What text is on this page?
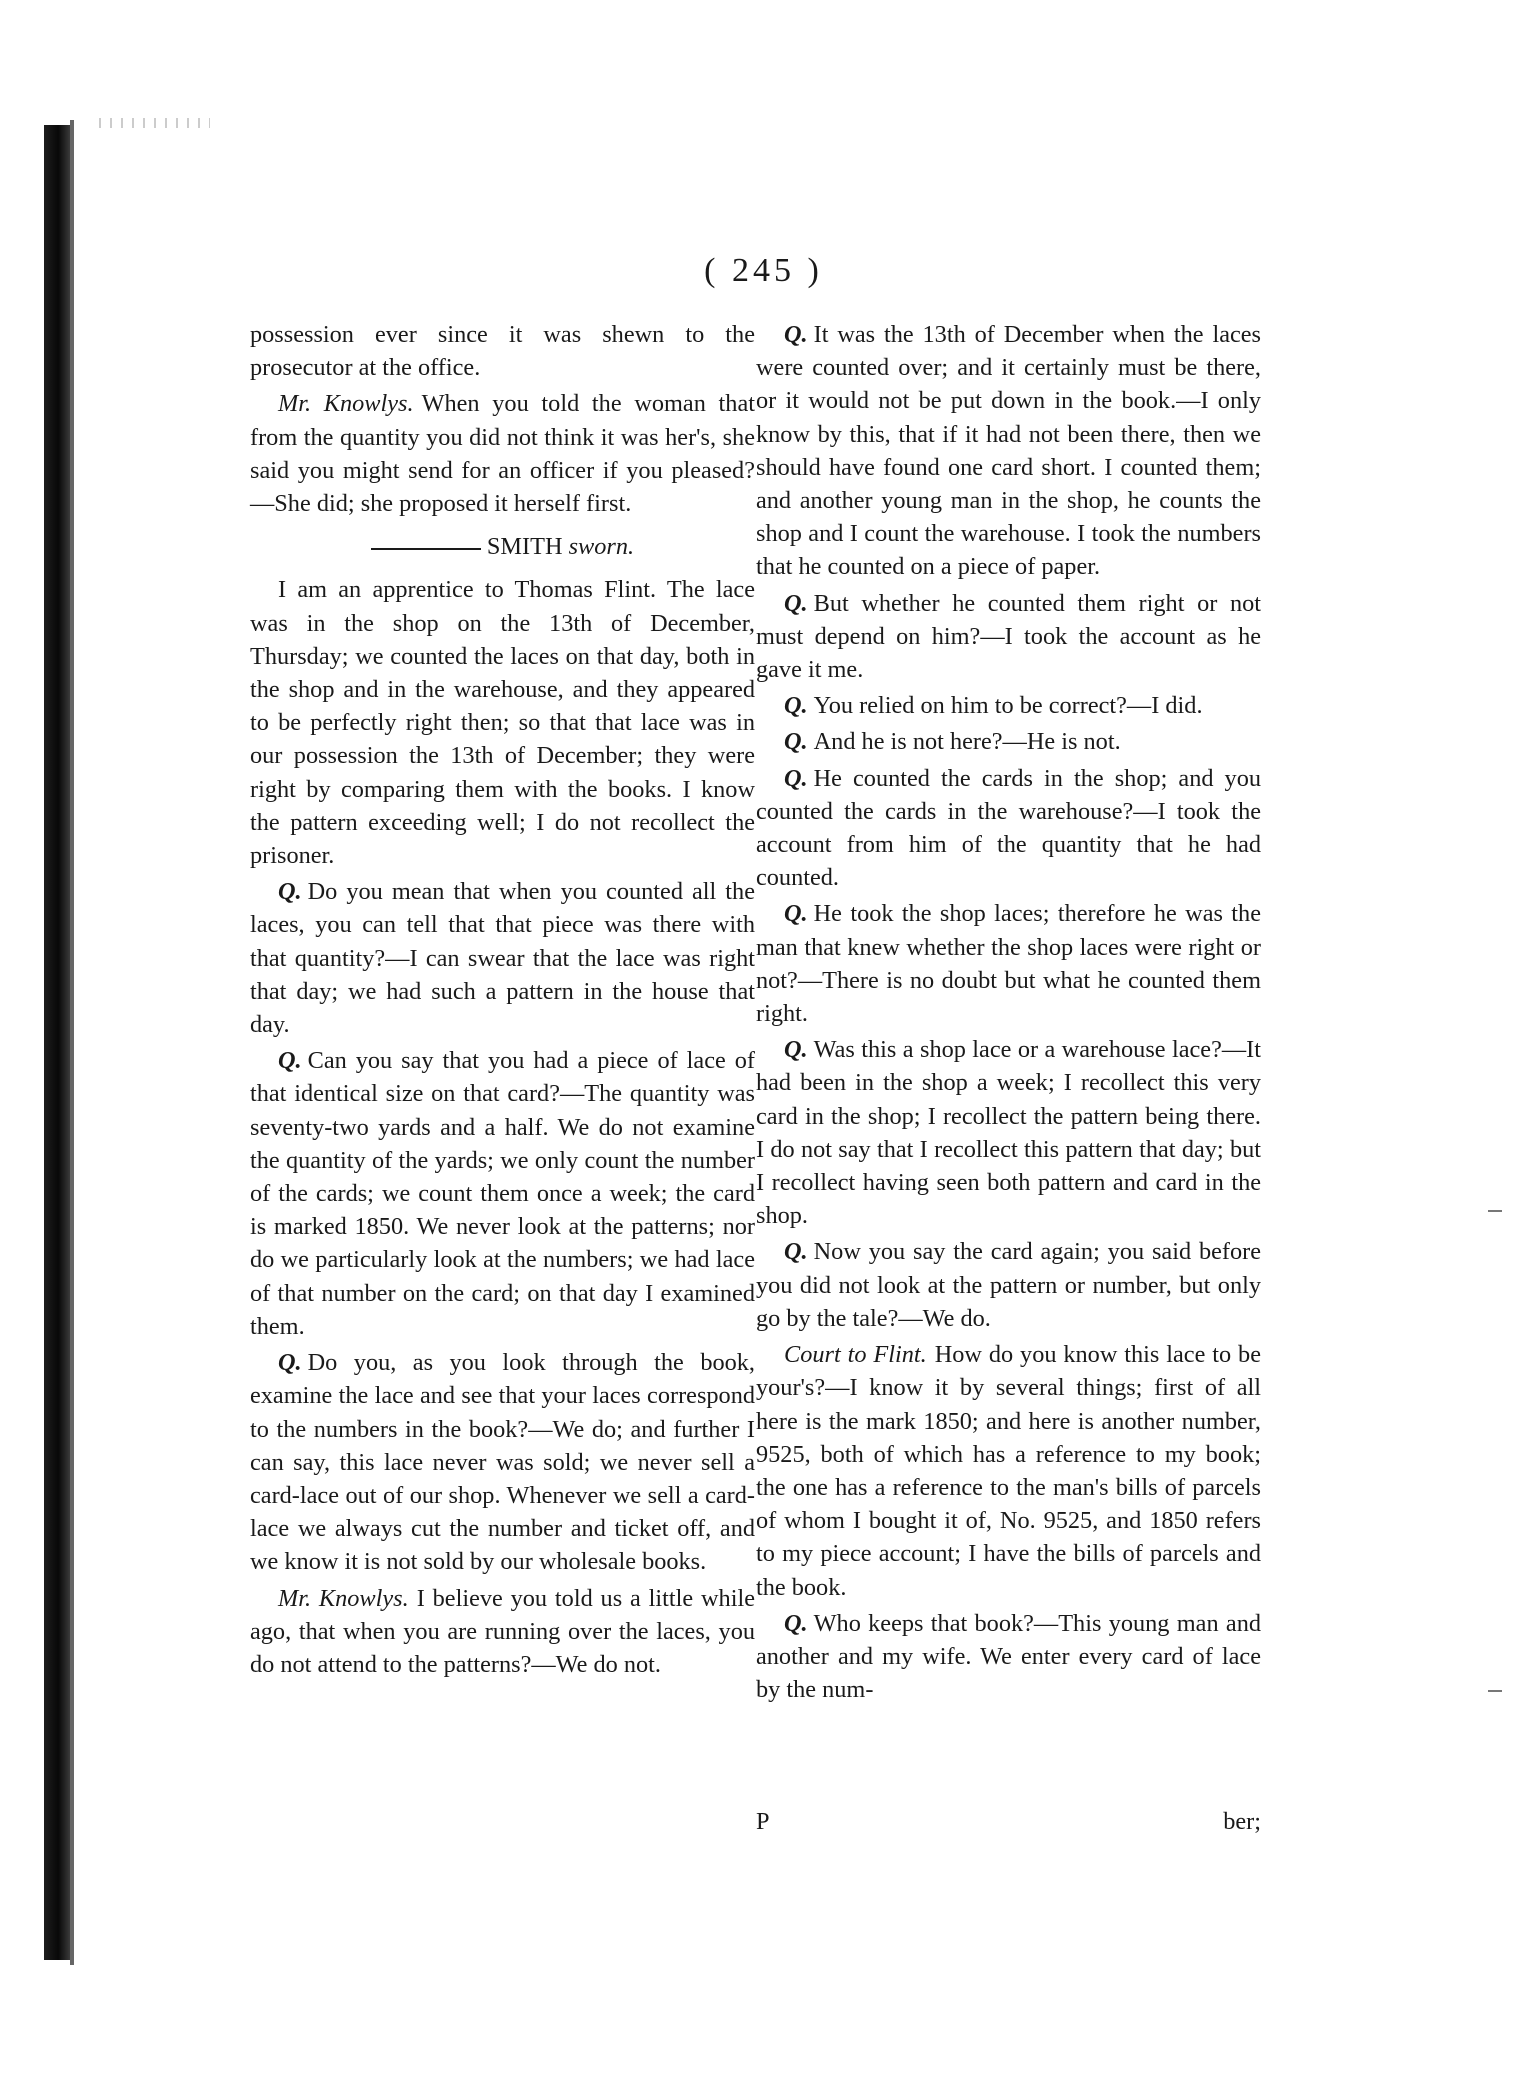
( 245 )

possession ever since it was shewn to the prosecutor at the office.

Mr. Knowlys. When you told the woman that from the quantity you did not think it was her's, she said you might send for an officer if you pleased?—She did; she proposed it herself first.

SMITH sworn.

I am an apprentice to Thomas Flint. The lace was in the shop on the 13th of December, Thursday; we counted the laces on that day, both in the shop and in the warehouse, and they appeared to be perfectly right then; so that that lace was in our possession the 13th of December; they were right by comparing them with the books. I know the pattern exceeding well; I do not recollect the prisoner.

Q. Do you mean that when you counted all the laces, you can tell that that piece was there with that quantity?—I can swear that the lace was right that day; we had such a pattern in the house that day.

Q. Can you say that you had a piece of lace of that identical size on that card?—The quantity was seventy-two yards and a half. We do not examine the quantity of the yards; we only count the number of the cards; we count them once a week; the card is marked 1850. We never look at the patterns; nor do we particularly look at the numbers; we had lace of that number on the card; on that day I examined them.

Q. Do you, as you look through the book, examine the lace and see that your laces correspond to the numbers in the book?—We do; and further I can say, this lace never was sold; we never sell a card-lace out of our shop. Whenever we sell a card-lace we always cut the number and ticket off, and we know it is not sold by our wholesale books.

Mr. Knowlys. I believe you told us a little while ago, that when you are running over the laces, you do not attend to the patterns?—We do not.

Q. It was the 13th of December when the laces were counted over; and it certainly must be there, or it would not be put down in the book.—I only know by this, that if it had not been there, then we should have found one card short. I counted them; and another young man in the shop, he counts the shop and I count the warehouse. I took the numbers that he counted on a piece of paper.

Q. But whether he counted them right or not must depend on him?—I took the account as he gave it me.

Q. You relied on him to be correct?—I did.

Q. And he is not here?—He is not.

Q. He counted the cards in the shop; and you counted the cards in the warehouse?—I took the account from him of the quantity that he had counted.

Q. He took the shop laces; therefore he was the man that knew whether the shop laces were right or not?—There is no doubt but what he counted them right.

Q. Was this a shop lace or a warehouse lace?—It had been in the shop a week; I recollect this very card in the shop; I recollect the pattern being there. I do not say that I recollect this pattern that day; but I recollect having seen both pattern and card in the shop.

Q. Now you say the card again; you said before you did not look at the pattern or number, but only go by the tale?—We do.

Court to Flint. How do you know this lace to be your's?—I know it by several things; first of all here is the mark 1850; and here is another number, 9525, both of which has a reference to my book; the one has a reference to the man's bills of parcels of whom I bought it of, No. 9525, and 1850 refers to my piece account; I have the bills of parcels and the book.

Q. Who keeps that book?—This young man and another and my wife. We enter every card of lace by the num-

P	ber;
